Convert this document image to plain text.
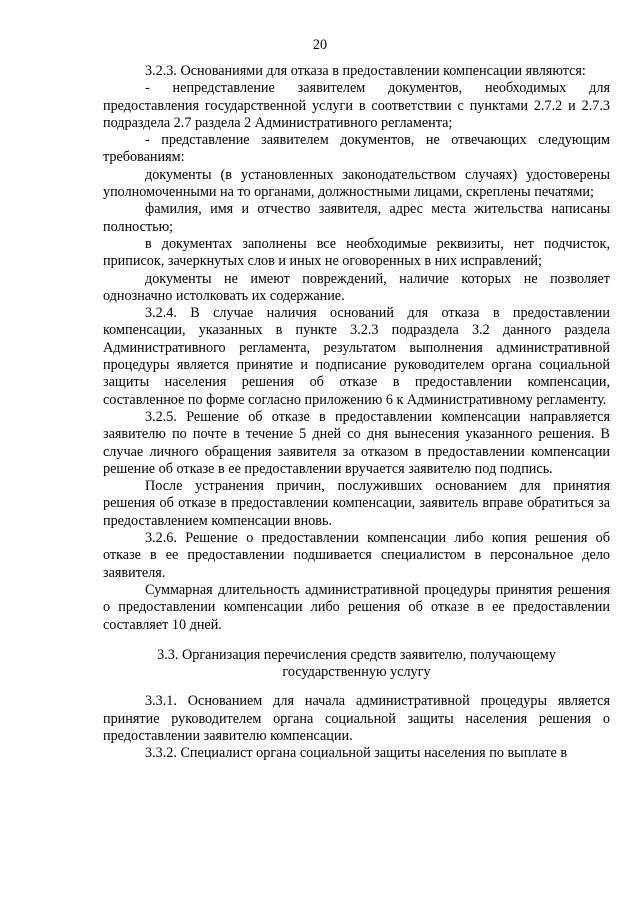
20

3.2.3. Основаниями для отказа в предоставлении компенсации являются:

- непредставление заявителем документов, необходимых для предоставления государственной услуги в соответствии с пунктами 2.7.2 и 2.7.3 подраздела 2.7 раздела 2 Административного регламента;

- представление заявителем документов, не отвечающих следующим требованиям:

документы (в установленных законодательством случаях) удостоверены уполномоченными на то органами, должностными лицами, скреплены печатями;

фамилия, имя и отчество заявителя, адрес места жительства написаны полностью;

в документах заполнены все необходимые реквизиты, нет подчисток, приписок, зачеркнутых слов и иных не оговоренных в них исправлений;

документы не имеют повреждений, наличие которых не позволяет однозначно истолковать их содержание.

3.2.4. В случае наличия оснований для отказа в предоставлении компенсации, указанных в пункте 3.2.3 подраздела 3.2 данного раздела Административного регламента, результатом выполнения административной процедуры является принятие и подписание руководителем органа социальной защиты населения решения об отказе в предоставлении компенсации, составленное по форме согласно приложению 6 к Административному регламенту.

3.2.5. Решение об отказе в предоставлении компенсации направляется заявителю по почте в течение 5 дней со дня вынесения указанного решения. В случае личного обращения заявителя за отказом в предоставлении компенсации решение об отказе в ее предоставлении вручается заявителю под подпись.

После устранения причин, послуживших основанием для принятия решения об отказе в предоставлении компенсации, заявитель вправе обратиться за предоставлением компенсации вновь.

3.2.6. Решение о предоставлении компенсации либо копия решения об отказе в ее предоставлении подшивается специалистом в персональное дело заявителя.

Суммарная длительность административной процедуры принятия решения о предоставлении компенсации либо решения об отказе в ее предоставлении составляет 10 дней.

3.3. Организация перечисления средств заявителю, получающему
государственную услугу

3.3.1. Основанием для начала административной процедуры является принятие руководителем органа социальной защиты населения решения о предоставлении заявителю компенсации.

3.3.2. Специалист органа социальной защиты населения по выплате в
